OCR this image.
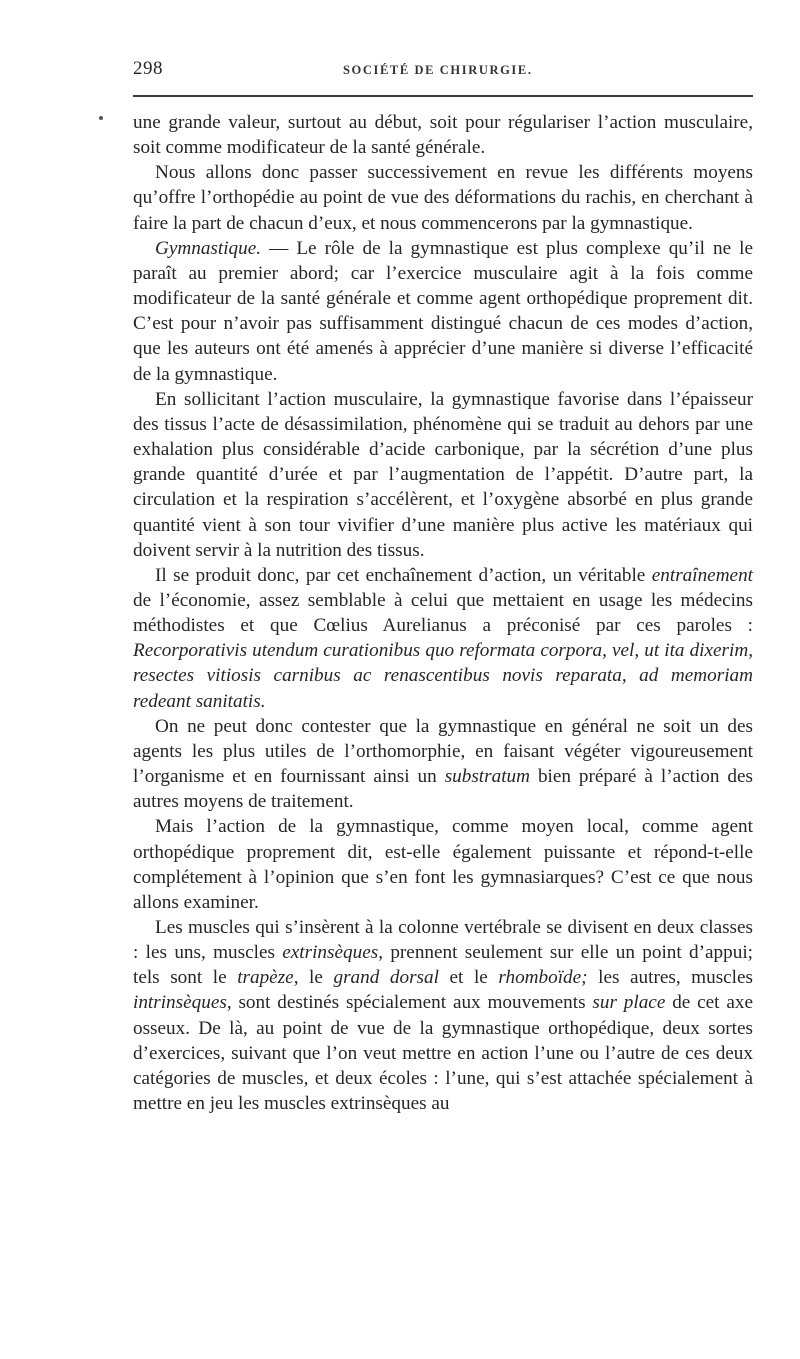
298	SOCIÉTÉ DE CHIRURGIE.

une grande valeur, surtout au début, soit pour régulariser l’action musculaire, soit comme modificateur de la santé générale.

Nous allons donc passer successivement en revue les différents moyens qu’offre l’orthopédie au point de vue des déformations du rachis, en cherchant à faire la part de chacun d’eux, et nous commencerons par la gymnastique.

Gymnastique. — Le rôle de la gymnastique est plus complexe qu’il ne le paraît au premier abord; car l’exercice musculaire agit à la fois comme modificateur de la santé générale et comme agent orthopédique proprement dit. C’est pour n’avoir pas suffisamment distingué chacun de ces modes d’action, que les auteurs ont été amenés à apprécier d’une manière si diverse l’efficacité de la gymnastique.

En sollicitant l’action musculaire, la gymnastique favorise dans l’épaisseur des tissus l’acte de désassimilation, phénomène qui se traduit au dehors par une exhalation plus considérable d’acide carbonique, par la sécrétion d’une plus grande quantité d’urée et par l’augmentation de l’appétit. D’autre part, la circulation et la respiration s’accélèrent, et l’oxygène absorbé en plus grande quantité vient à son tour vivifier d’une manière plus active les matériaux qui doivent servir à la nutrition des tissus.

Il se produit donc, par cet enchaînement d’action, un véritable entraînement de l’économie, assez semblable à celui que mettaient en usage les médecins méthodistes et que Cœlius Aurelianus a préconisé par ces paroles : Recorporativis utendum curationibus quo reformata corpora, vel, ut ita dixerim, resectes vitiosis carnibus ac renascentibus novis reparata, ad memoriam redeant sanitatis.

On ne peut donc contester que la gymnastique en général ne soit un des agents les plus utiles de l’orthomorphie, en faisant végéter vigoureusement l’organisme et en fournissant ainsi un substratum bien préparé à l’action des autres moyens de traitement.

Mais l’action de la gymnastique, comme moyen local, comme agent orthopédique proprement dit, est-elle également puissante et répond-t-elle complétement à l’opinion que s’en font les gymnasiarques? C’est ce que nous allons examiner.

Les muscles qui s’insèrent à la colonne vertébrale se divisent en deux classes : les uns, muscles extrinsèques, prennent seulement sur elle un point d’appui; tels sont le trapèze, le grand dorsal et le rhomboïde; les autres, muscles intrinsèques, sont destinés spécialement aux mouvements sur place de cet axe osseux. De là, au point de vue de la gymnastique orthopédique, deux sortes d’exercices, suivant que l’on veut mettre en action l’une ou l’autre de ces deux catégories de muscles, et deux écoles : l’une, qui s’est attachée spécialement à mettre en jeu les muscles extrinsèques au
